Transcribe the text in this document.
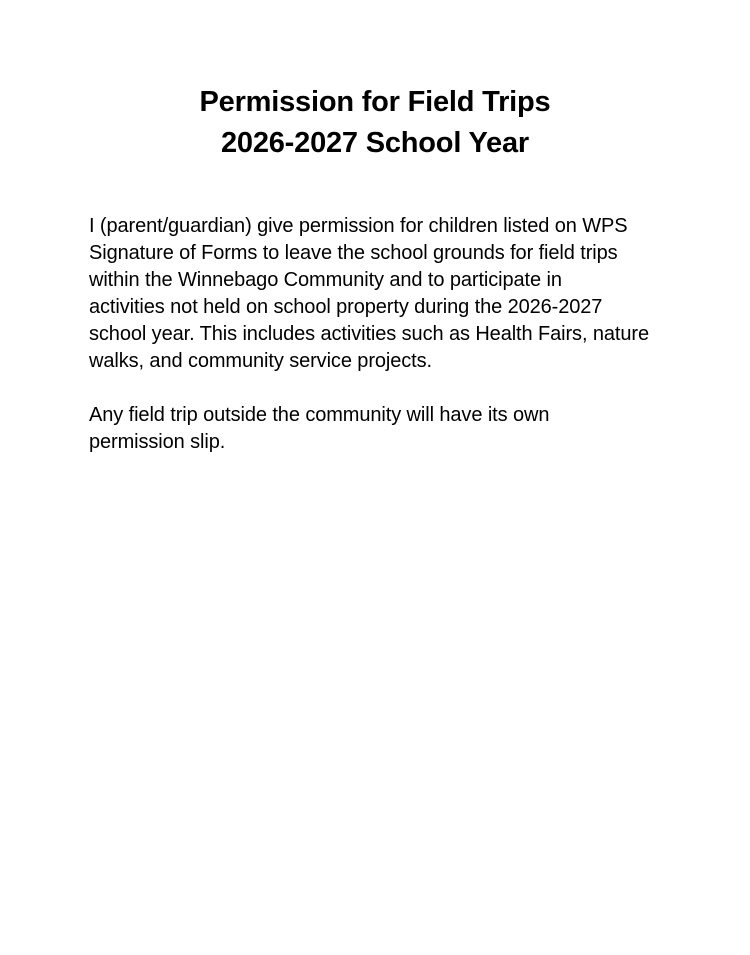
Permission for Field Trips
2026-2027 School Year

I (parent/guardian) give permission for children listed on WPS
Signature of Forms to leave the school grounds for field trips
within the Winnebago Community and to participate in
activities not held on school property during the 2026-2027
school year. This includes activities such as Health Fairs, nature
walks, and community service projects.

Any field trip outside the community will have its own
permission slip.
